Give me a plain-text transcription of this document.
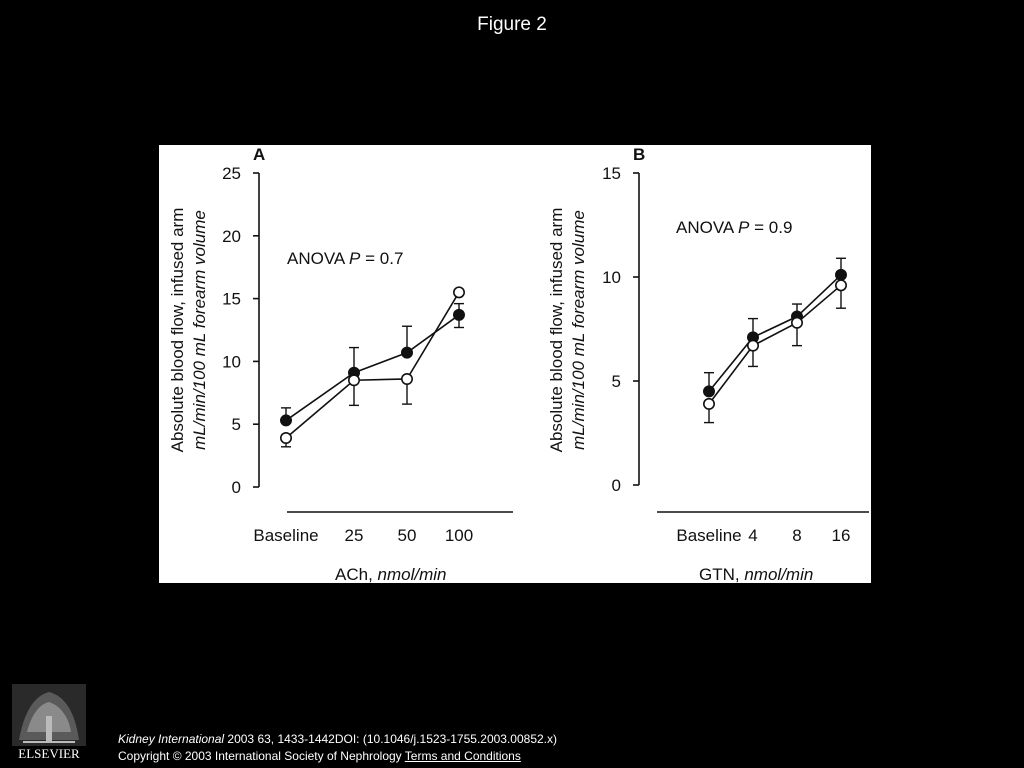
Figure 2
A
0
5
10
15
20
25
Baseline 25 50 100
Absolute blood flow, infused arm mL/min/100 mL forearm volume	ANOVA P = 0.7
ACh, nmol/min
B
0
5
10
15
Baseline 4 8 16
Absolute blood flow, infused arm mL/min/100 mL forearm volume	ANOVA P = 0.9
GTN, nmol/min
ELSEVIER
Kidney International 2003 63, 1433-1442DOI: (10.1046/j.1523-1755.2003.00852.x)
Copyright © 2003 International Society of Nephrology Terms and Conditions
